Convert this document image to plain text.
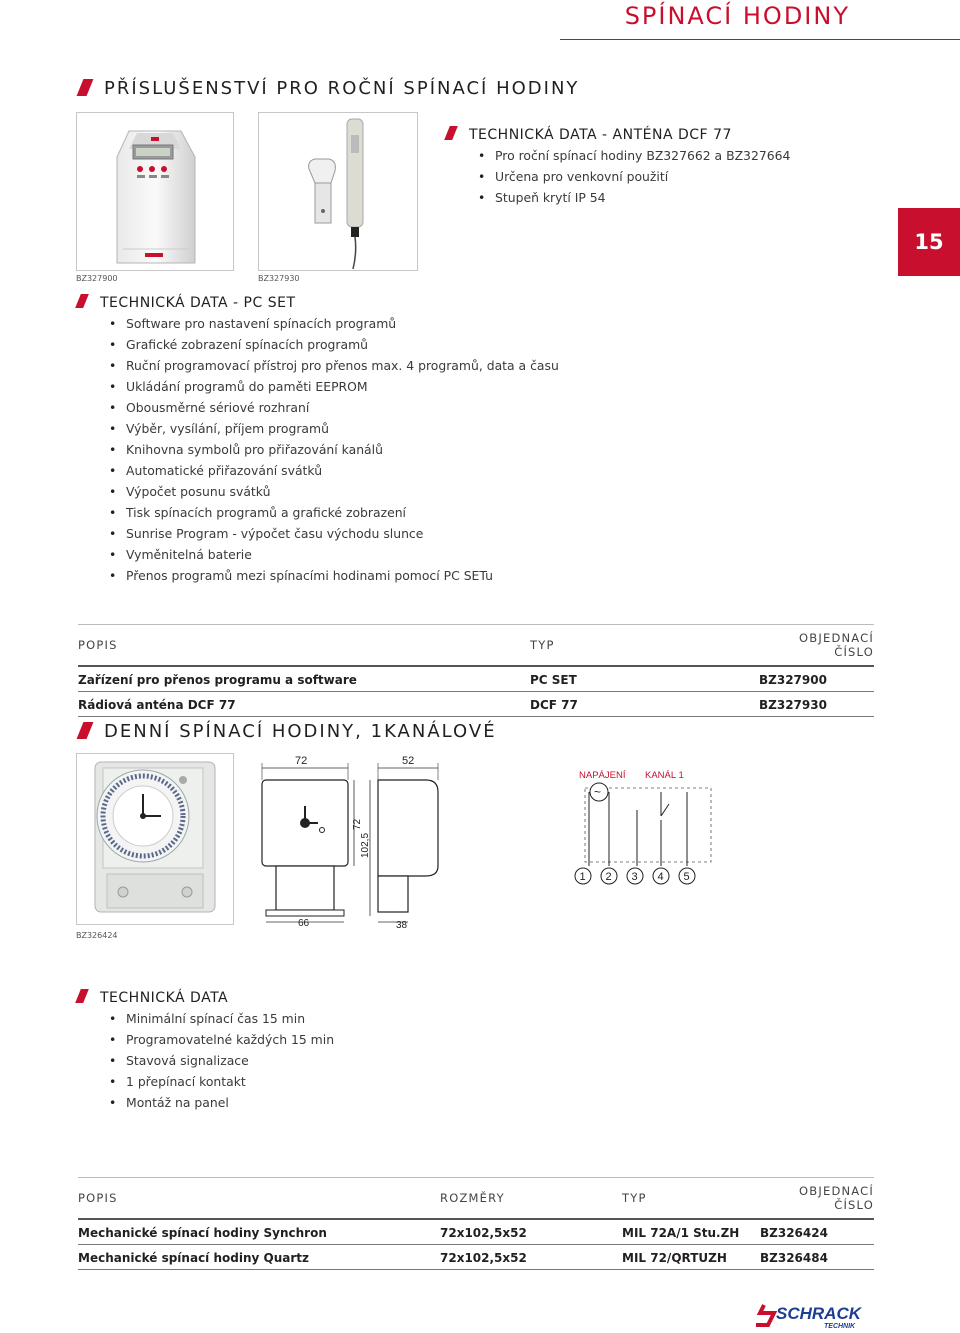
SPÍNACÍ HODINY
15
PŘÍSLUŠENSTVÍ PRO ROČNÍ SPÍNACÍ HODINY
BZ327900	BZ327930
TECHNICKÁ DATA - ANTÉNA DCF 77
• Pro roční spínací hodiny BZ327662 a BZ327664
• Určena pro venkovní použití
• Stupeň krytí IP 54
TECHNICKÁ DATA - PC SET
• Software pro nastavení spínacích programů
• Grafické zobrazení spínacích programů
• Ruční programovací přístroj pro přenos max. 4 programů, data a času
• Ukládání programů do paměti EEPROM
• Obousměrné sériové rozhraní
• Výběr, vysílání, příjem programů
• Knihovna symbolů pro přiřazování kanálů
• Automatické přiřazování svátků
• Výpočet posunu svátků
• Tisk spínacích programů a grafické zobrazení
• Sunrise Program - výpočet času východu slunce
• Vyměnitelná baterie
• Přenos programů mezi spínacími hodinami pomocí PC SETu
POPIS	TYP	OBJEDNACÍ ČÍSLO
Zařízení pro přenos programu a software	PC SET	BZ327900
Rádiová anténa DCF 77	DCF 77	BZ327930
DENNÍ SPÍNACÍ HODINY, 1KANÁLOVÉ
BZ326424
72	52
72
102,5
66	38
NAPÁJENÍ KANÁL 1
~
1 2 3 4 5
TECHNICKÁ DATA
• Minimální spínací čas 15 min
• Programovatelné každých 15 min
• Stavová signalizace
• 1 přepínací kontakt
• Montáž na panel
POPIS	ROZMĚRY	TYP	OBJEDNACÍ ČÍSLO
Mechanické spínací hodiny Synchron	72x102,5x52	MIL 72A/1 Stu.ZH	BZ326424
Mechanické spínací hodiny Quartz	72x102,5x52	MIL 72/QRTUZH	BZ326484
SCHRACK
TECHNIK
